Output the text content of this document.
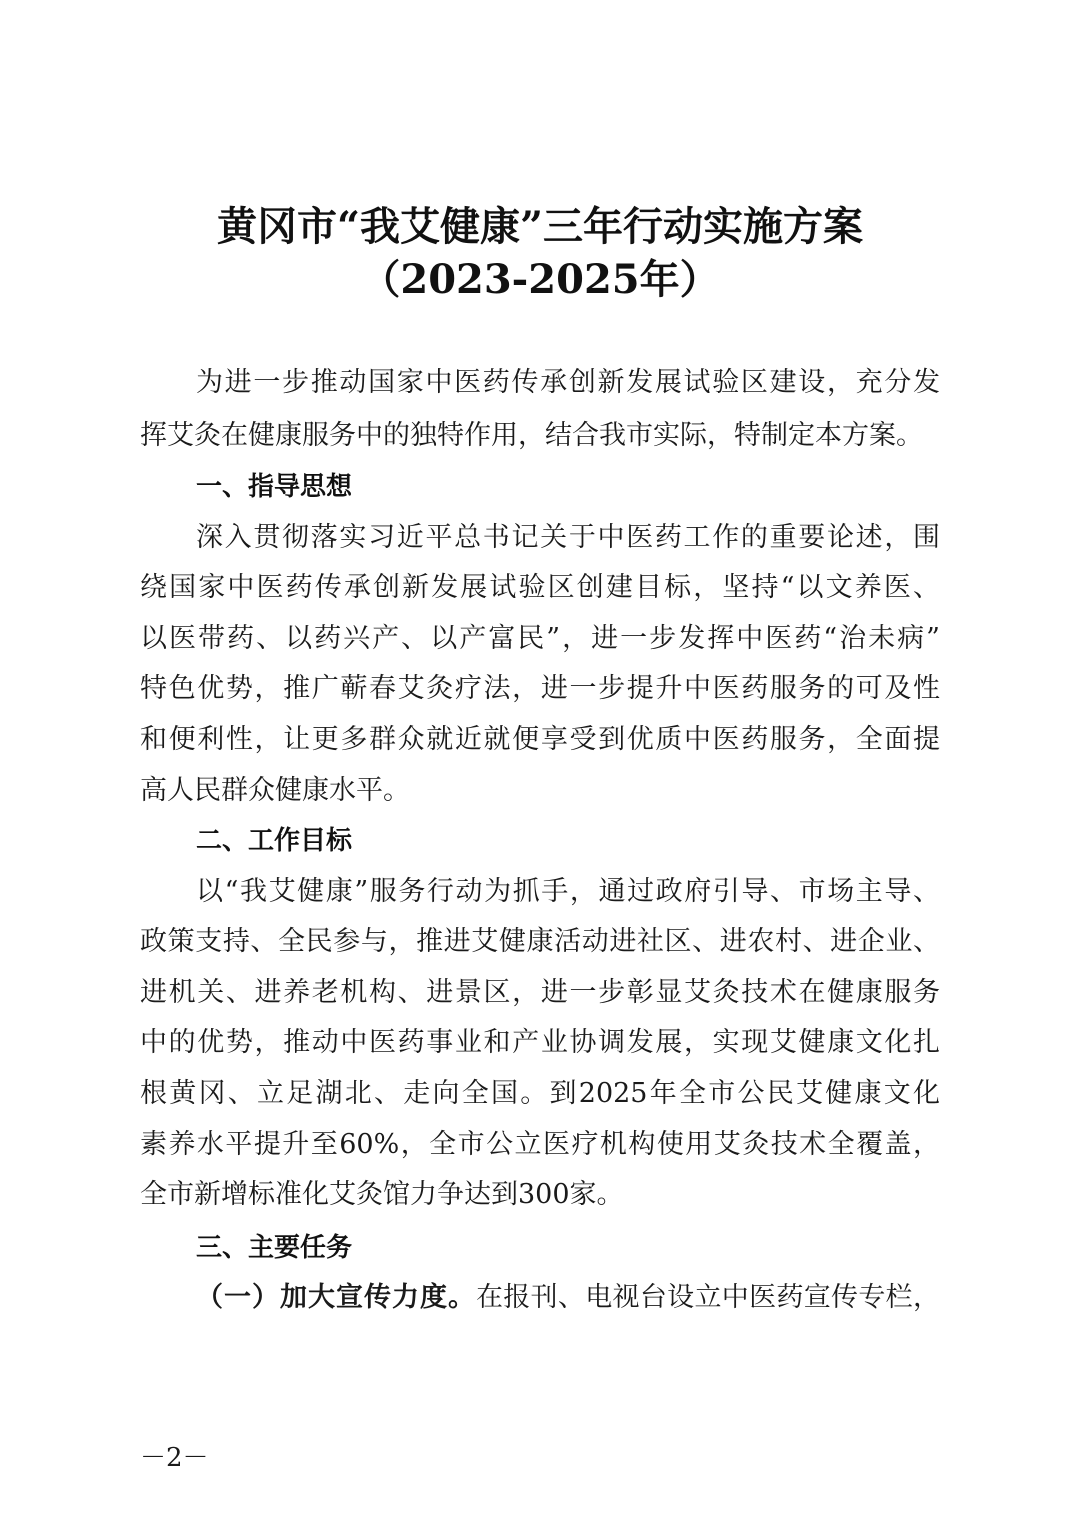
黄冈市“我艾健康”三年行动实施方案
（2023-2025年）
为进一步推动国家中医药传承创新发展试验区建设，充分发
挥艾灸在健康服务中的独特作用，结合我市实际，特制定本方案。
一、指导思想
深入贯彻落实习近平总书记关于中医药工作的重要论述，围
绕国家中医药传承创新发展试验区创建目标，坚持“以文养医、
以医带药、以药兴产、以产富民”，进一步发挥中医药“治未病”
特色优势，推广蕲春艾灸疗法，进一步提升中医药服务的可及性
和便利性，让更多群众就近就便享受到优质中医药服务，全面提
高人民群众健康水平。
二、工作目标
以“我艾健康”服务行动为抓手，通过政府引导、市场主导、
政策支持、全民参与，推进艾健康活动进社区、进农村、进企业、
进机关、进养老机构、进景区，进一步彰显艾灸技术在健康服务
中的优势，推动中医药事业和产业协调发展，实现艾健康文化扎
根黄冈、立足湖北、走向全国。到2025年全市公民艾健康文化
素养水平提升至60%，全市公立医疗机构使用艾灸技术全覆盖，
全市新增标准化艾灸馆力争达到300家。
三、主要任务
（一）加大宣传力度。 在报刊、电视台设立中医药宣传专栏，
－2－
